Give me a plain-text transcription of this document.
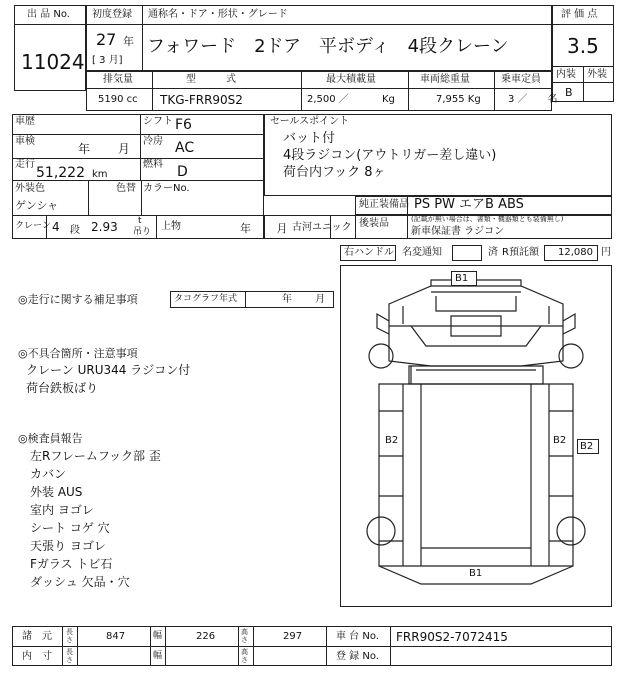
出 品 No.
11024
初度登録 通称名・ドア・形状・グレード
27 年
[ 3 月]
フォワード　2ドア　平ボディ　4段クレーン
評 価 点
3.5
内装 外装
B
排気量	型　　　式	最大積載量	車両総重量	乗車定員
5190 cc TKG-FRR90S2	2,500 ／　　　 Kg	7,955 Kg	3 ／　　名
車歴	シフト F6
車検
年　　 月
冷房 AC
走行
51,222 km
燃料 D
外装色
ゲンシャ
色替 カラーNo.
クレーン 4 段 2.93 t
吊り 上物	年　　 月 古河ユニック
セールスポイント
バット付
4段ラジコン(アウトリガー差し違い)
荷台内フック 8ヶ
純正装備品 PS PW エアB ABS
後装品	(記載が無い場合は、書類・機器類とも装備無し)
新車保証書 ラジコン
右ハンドル 名変通知	済 R預託額 12,080 円
◎走行に関する補足事項	タコグラフ年式	年　　 月
◎不具合箇所・注意事項
クレーン URU344 ラジコン付
荷台鉄板ばり
◎検査員報告
左Rフレームフック部 歪
カバン
外装 AUS
室内 ヨゴレ
シート コゲ 穴
天張り ヨゴレ
Fガラス トビ石
ダッシュ 欠品・穴
B1
B2	B2
B2
B1
諸　元 長さ	847	幅	226	高さ	297	車 台 No. FRR90S2-7072415
内　寸 長さ	幅	高さ	登 録 No.
